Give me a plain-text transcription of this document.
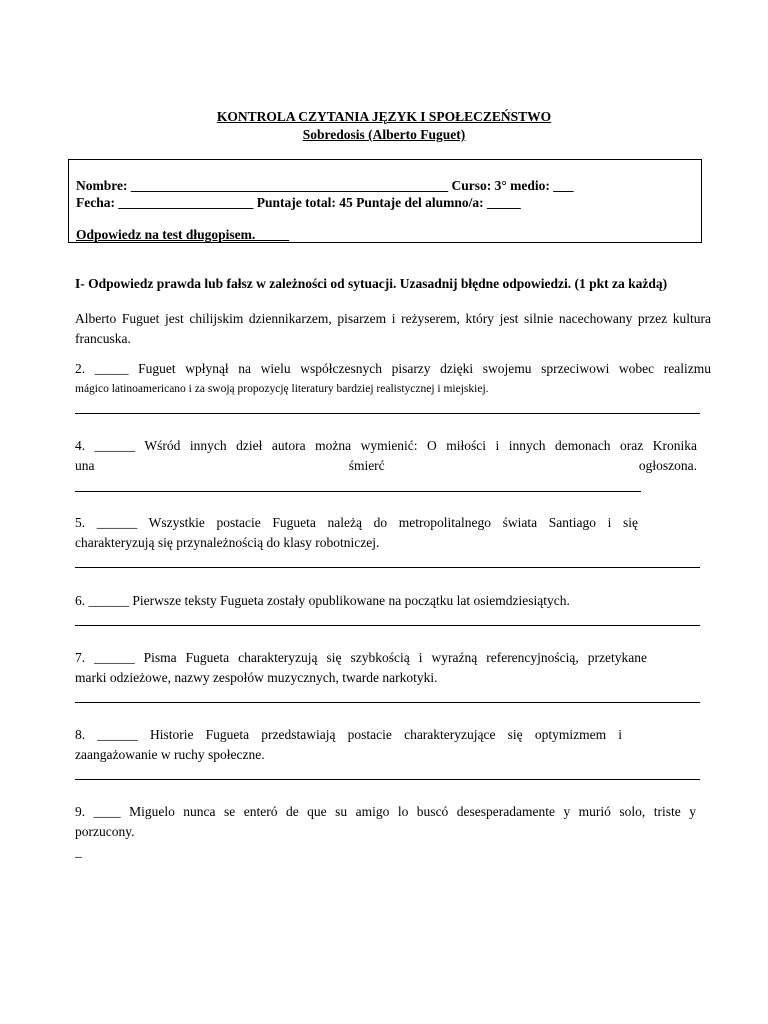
KONTROLA CZYTANIA JĘZYK I SPOŁECZEŃSTWO

Sobredosis (Alberto Fuguet)

Nombre: _______________________________________________ Curso: 3° medio: ___
Fecha: ____________________ Puntaje total: 45 Puntaje del alumno/a: _____
Odpowiedz na test długopisem._____
I- Odpowiedz prawda lub fałsz w zależności od sytuacji. Uzasadnij błędne odpowiedzi. (1 pkt za każdą)
Alberto Fuguet jest chilijskim dziennikarzem, pisarzem i reżyserem, który jest silnie nacechowany przez kultura francuska.
2. _____ Fuguet wpłynął na wielu współczesnych pisarzy dzięki swojemu sprzeciwowi wobec realizmu
mágico latinoamericano i za swoją propozycję literatury bardziej realistycznej i miejskiej.
4. ______ Wśród innych dzieł autora można wymienić: O miłości i innych demonach oraz Kronika
una	śmierć	ogłoszona.
5. ______ Wszystkie postacie Fugueta należą do metropolitalnego świata Santiago i się
charakteryzują się przynależnością do klasy robotniczej.
6. ______ Pierwsze teksty Fugueta zostały opublikowane na początku lat osiemdziesiątych.
7. ______ Pisma Fugueta charakteryzują się szybkością i wyraźną referencyjnością, przetykane
marki odzieżowe, nazwy zespołów muzycznych, twarde narkotyki.
8. ______ Historie Fugueta przedstawiają postacie charakteryzujące się optymizmem i
zaangażowanie w ruchy społeczne.
9. ____ Miguelo nunca se enteró de que su amigo lo buscó desesperadamente y murió solo, triste y
porzucony.
_
